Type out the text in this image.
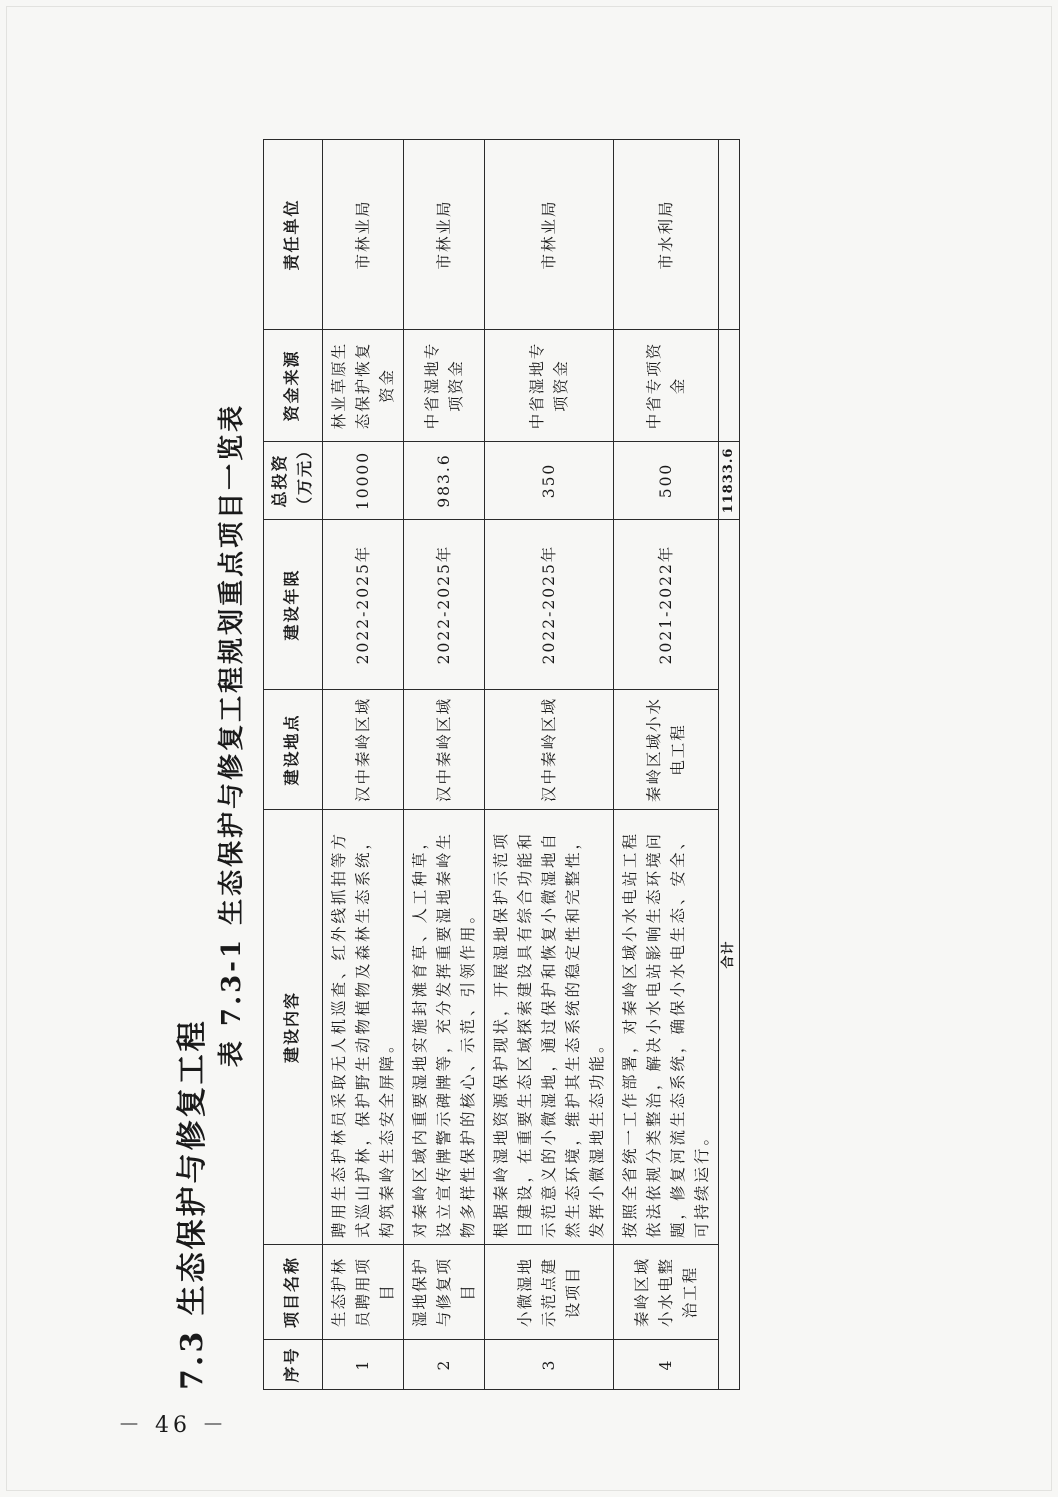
7.3 生态保护与修复工程
表 7.3-1 生态保护与修复工程规划重点项目一览表
序号	项目名称	建设内容	建设地点	建设年限	总投资（万元）	资金来源	责任单位
1	生态护林员聘用项目	聘用生态护林员采取无人机巡查、红外线抓拍等方式巡山护林，保护野生动物植物及森林生态系统，构筑秦岭生态安全屏障。	汉中秦岭区域	2022-2025年	10000	林业草原生态保护恢复资金	市林业局
2	湿地保护与修复项目	对秦岭区域内重要湿地实施封滩育草、人工种草，设立宣传牌警示碑牌等，充分发挥重要湿地秦岭生物多样性保护的核心、示范、引领作用。	汉中秦岭区域	2022-2025年	983.6	中省湿地专项资金	市林业局
3	小微湿地示范点建设项目	根据秦岭湿地资源保护现状，开展湿地保护示范项目建设，在重要生态区域探索建设具有综合功能和示范意义的小微湿地，通过保护和恢复小微湿地自然生态环境，维护其生态系统的稳定性和完整性，发挥小微湿地生态功能。	汉中秦岭区域	2022-2025年	350	中省湿地专项资金	市林业局
4	秦岭区域小水电整治工程	按照全省统一工作部署，对秦岭区域小水电站工程依法依规分类整治，解决小水电站影响生态环境问题，修复河流生态系统，确保小水电生态、安全、可持续运行。	秦岭区域小水电工程	2021-2022年	500	中省专项资金	市水利局
合计					11833.6		
－ 46 －
